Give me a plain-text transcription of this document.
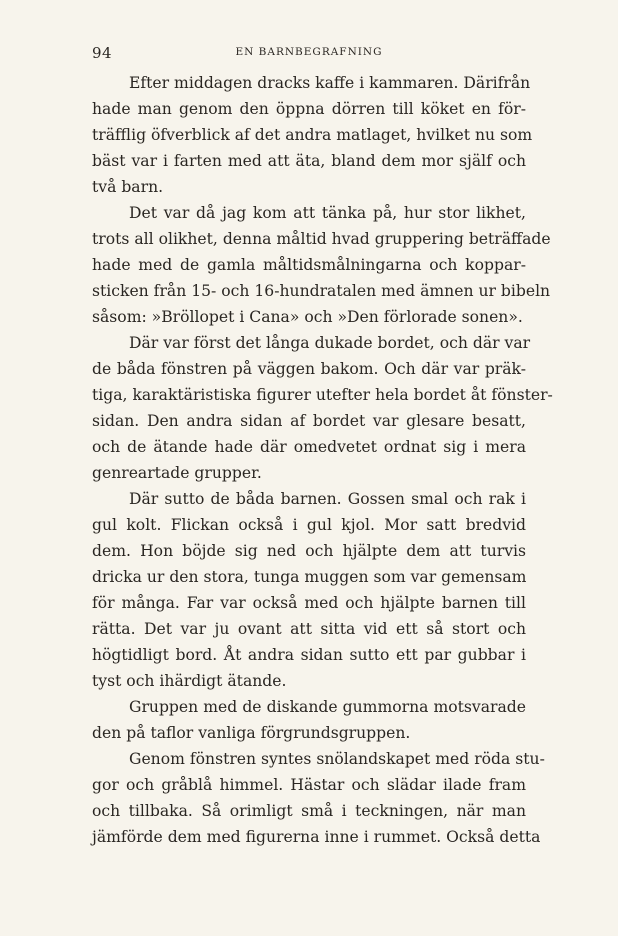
94	EN BARNBEGRAFNING
Efter middagen dracks kaffe i kammaren. Därifrån
hade man genom den öppna dörren till köket en för-
träfflig öfverblick af det andra matlaget, hvilket nu som
bäst var i farten med att äta, bland dem mor själf och
två barn.
Det var då jag kom att tänka på, hur stor likhet,
trots all olikhet, denna måltid hvad gruppering beträffade
hade med de gamla måltidsmålningarna och koppar-
sticken från 15- och 16-hundratalen med ämnen ur bibeln
såsom: »Bröllopet i Cana» och »Den förlorade sonen».
Där var först det långa dukade bordet, och där var
de båda fönstren på väggen bakom. Och där var präk-
tiga, karaktäristiska figurer utefter hela bordet åt fönster-
sidan. Den andra sidan af bordet var glesare besatt,
och de ätande hade där omedvetet ordnat sig i mera
genreartade grupper.
Där sutto de båda barnen. Gossen smal och rak i
gul kolt. Flickan också i gul kjol. Mor satt bredvid
dem. Hon böjde sig ned och hjälpte dem att turvis
dricka ur den stora, tunga muggen som var gemensam
för många. Far var också med och hjälpte barnen till
rätta. Det var ju ovant att sitta vid ett så stort och
högtidligt bord. Åt andra sidan sutto ett par gubbar i
tyst och ihärdigt ätande.
Gruppen med de diskande gummorna motsvarade
den på taflor vanliga förgrundsgruppen.
Genom fönstren syntes snölandskapet med röda stu-
gor och gråblå himmel. Hästar och slädar ilade fram
och tillbaka. Så orimligt små i teckningen, när man
jämförde dem med figurerna inne i rummet. Också detta
